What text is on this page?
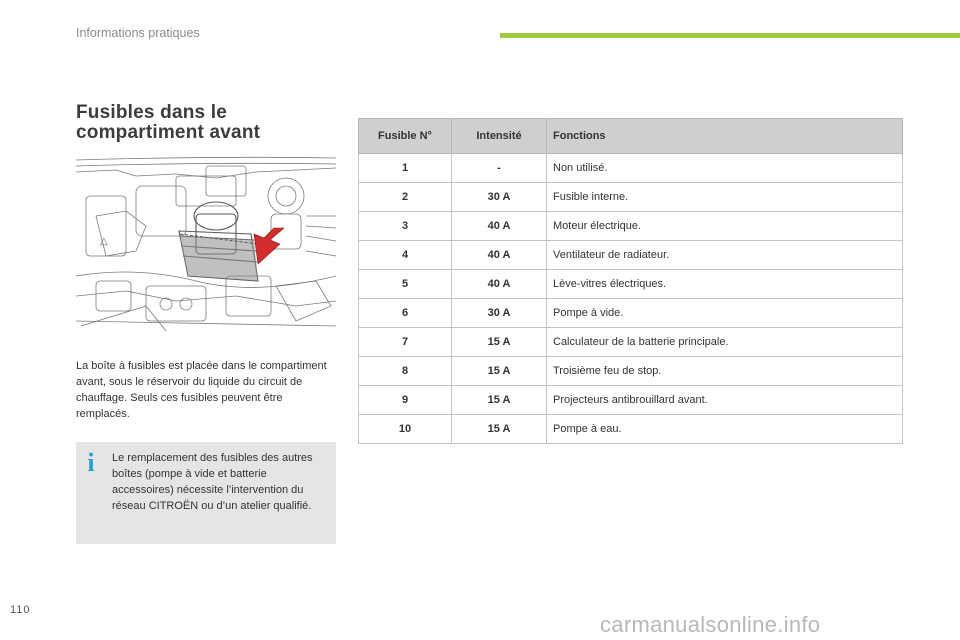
Informations pratiques
Fusibles dans le
compartiment avant
△
La boîte à fusibles est placée dans le compartiment avant, sous le réservoir du liquide du circuit de chauffage. Seuls ces fusibles peuvent être remplacés.
i	Le remplacement des fusibles des autres boîtes (pompe à vide et batterie accessoires) nécessite l’intervention du réseau CITROËN ou d’un atelier qualifié.
Fusible N°	Intensité	Fonctions
1	-	Non utilisé.
2	30 A	Fusible interne.
3	40 A	Moteur électrique.
4	40 A	Ventilateur de radiateur.
5	40 A	Lève-vitres électriques.
6	30 A	Pompe à vide.
7	15 A	Calculateur de la batterie principale.
8	15 A	Troisième feu de stop.
9	15 A	Projecteurs antibrouillard avant.
10	15 A	Pompe à eau.
110
carmanualsonline.info
